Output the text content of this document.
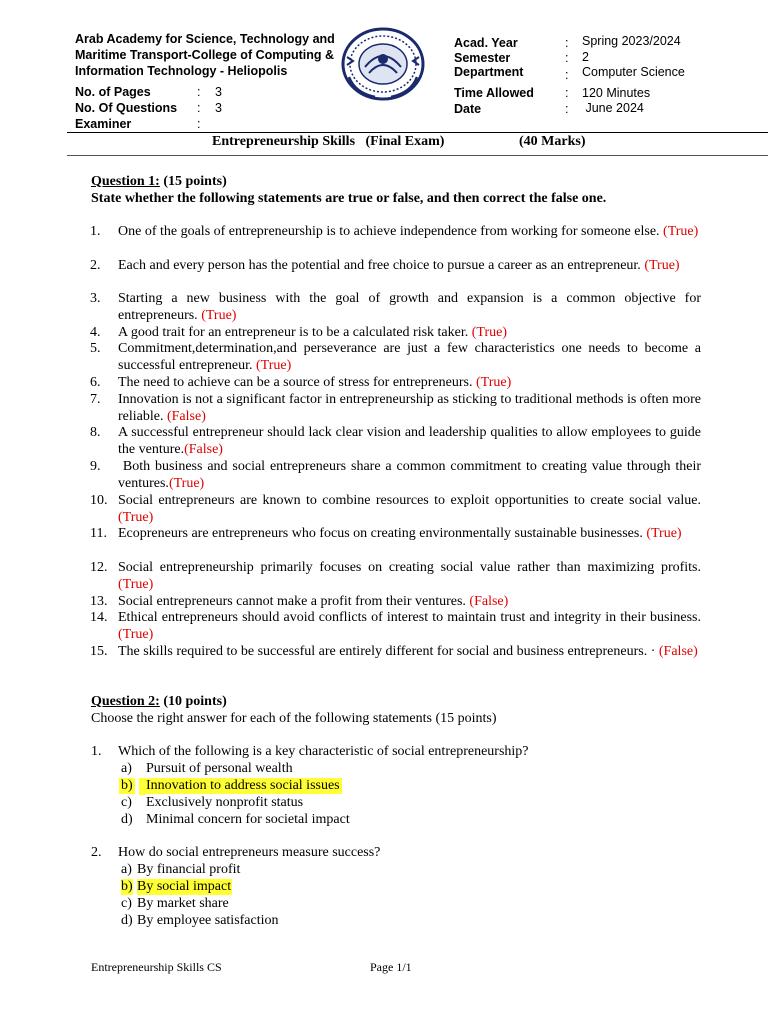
Arab Academy for Science, Technology and
Maritime Transport-College of Computing &
Information Technology - Heliopolis
No. of Pages	: 3
No. Of Questions : 3
Examiner	:
Acad. Year	: Spring 2023/2024
Semester	: 2
Department	: Computer Science
Time Allowed : 120 Minutes
Date	: June 2024
Entrepreneurship Skills   (Final Exam)	(40 Marks)
Question 1: (15 points)
State whether the following statements are true or false, and then correct the false one.
1. One of the goals of entrepreneurship is to achieve independence from working for someone else. (True)
2. Each and every person has the potential and free choice to pursue a career as an entrepreneur. (True)
3. Starting a new business with the goal of growth and expansion is a common objective for entrepreneurs. (True)
4. A good trait for an entrepreneur is to be a calculated risk taker. (True)
5. Commitment,determination,and perseverance are just a few characteristics one needs to become a successful entrepreneur. (True)
6. The need to achieve can be a source of stress for entrepreneurs. (True)
7. Innovation is not a significant factor in entrepreneurship as sticking to traditional methods is often more reliable. (False)
8. A successful entrepreneur should lack clear vision and leadership qualities to allow employees to guide the venture.(False)
9. Both business and social entrepreneurs share a common commitment to creating value through their ventures.(True)
10. Social entrepreneurs are known to combine resources to exploit opportunities to create social value. (True)
11. Ecopreneurs are entrepreneurs who focus on creating environmentally sustainable businesses. (True)
12. Social entrepreneurship primarily focuses on creating social value rather than maximizing profits. (True)
13. Social entrepreneurs cannot make a profit from their ventures. (False)
14. Ethical entrepreneurs should avoid conflicts of interest to maintain trust and integrity in their business. (True)
15. The skills required to be successful are entirely different for social and business entrepreneurs. · (False)
Question 2: (10 points)
Choose the right answer for each of the following statements (15 points)
1. Which of the following is a key characteristic of social entrepreneurship?
a) Pursuit of personal wealth
b) Innovation to address social issues
c) Exclusively nonprofit status
d) Minimal concern for societal impact
2. How do social entrepreneurs measure success?
a) By financial profit
b) By social impact
c) By market share
d) By employee satisfaction
Entrepreneurship Skills CS	Page 1/1
